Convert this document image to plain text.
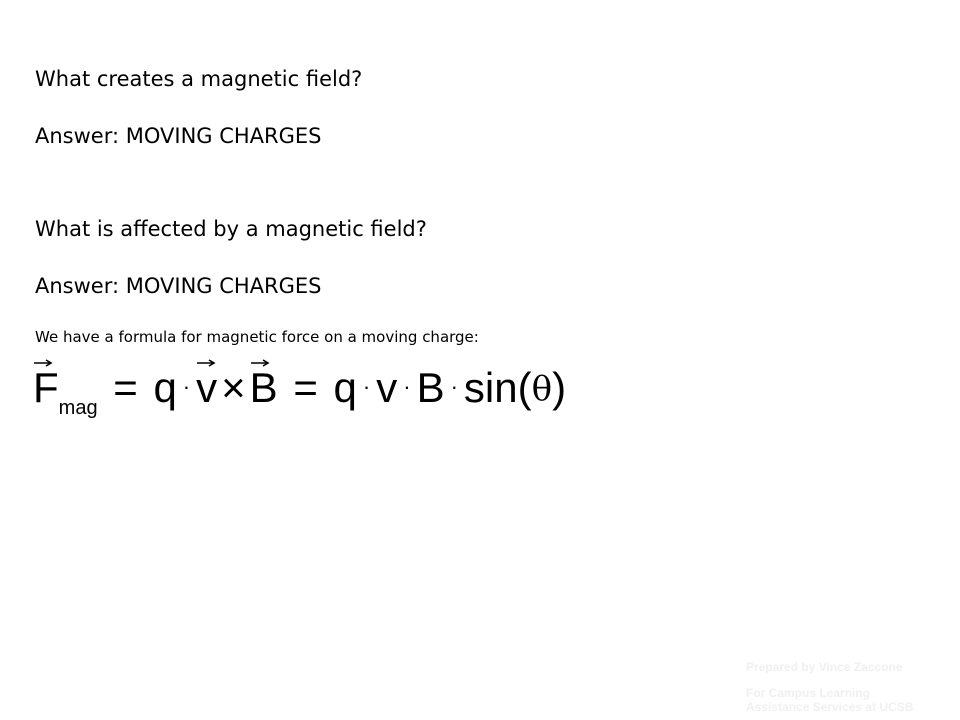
What creates a magnetic field?
Answer: MOVING CHARGES
What is affected by a magnetic field?
Answer: MOVING CHARGES
We have a formula for magnetic force on a moving charge:
$F_{mag} = q \cdot v\times$
B = q · v · B · sin(θ)
Prepared by Vince Zaccone
For Campus Learning
Assistance Services at UCSB
